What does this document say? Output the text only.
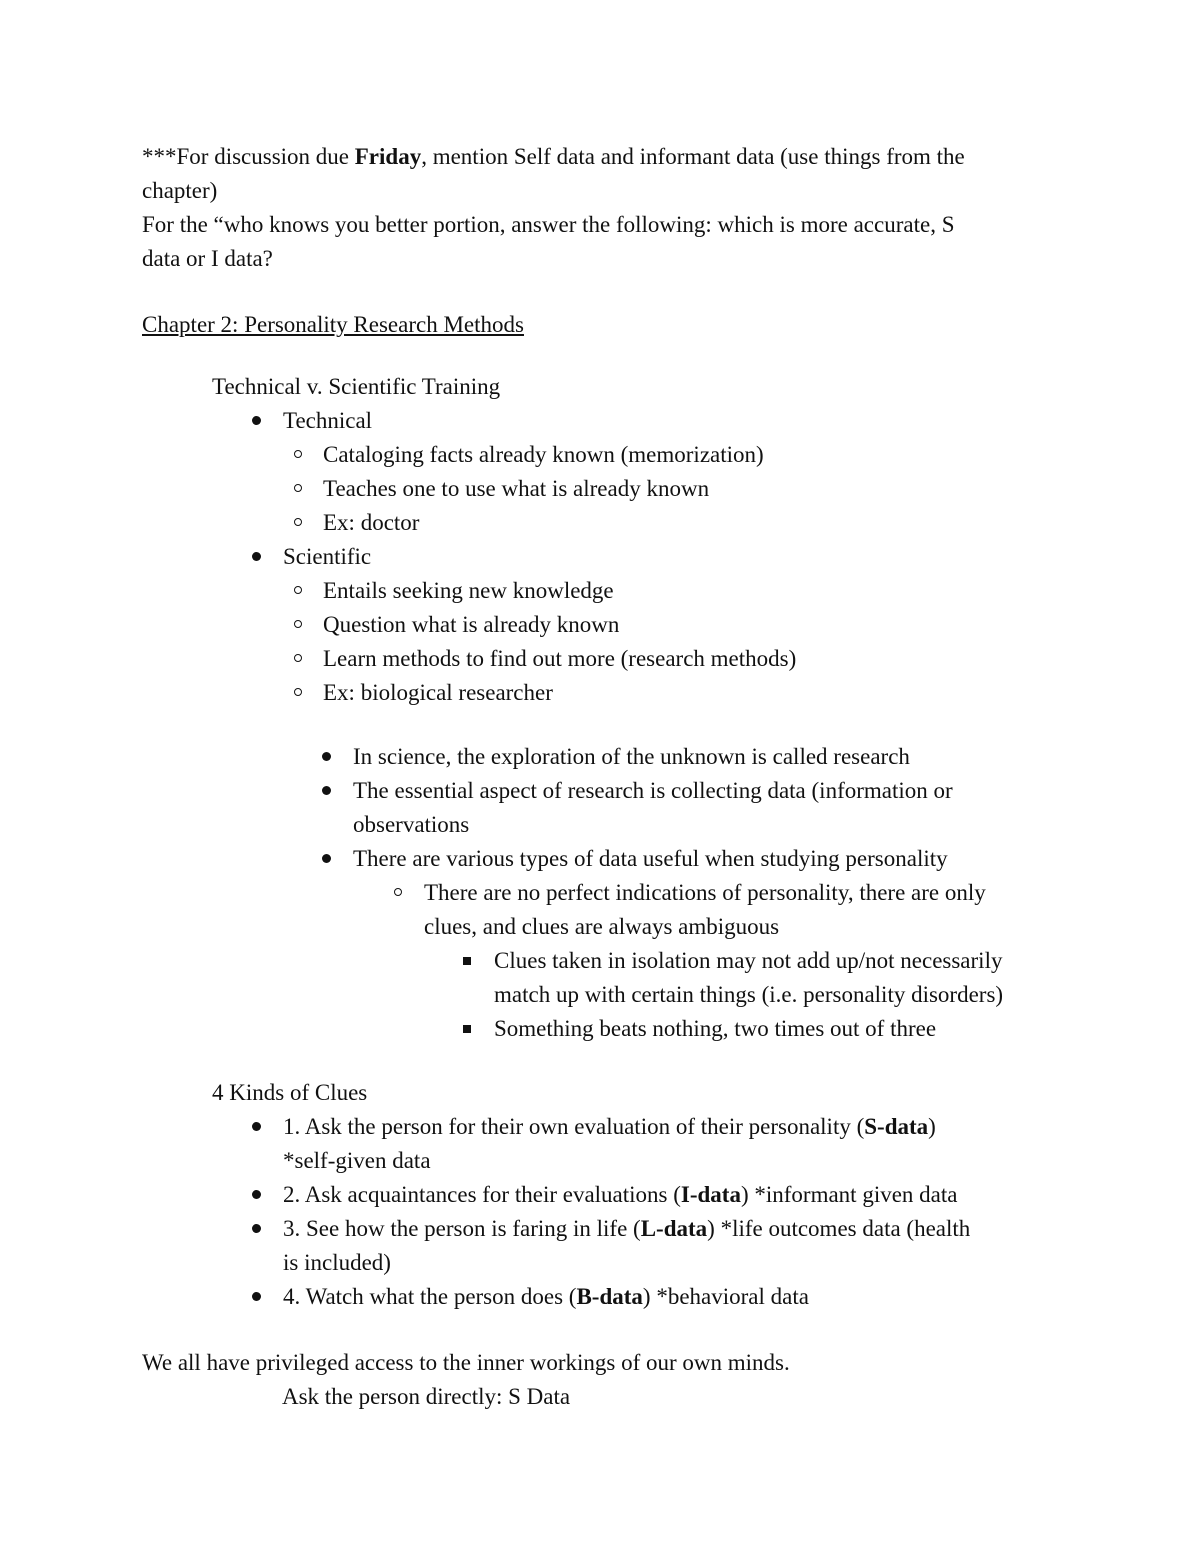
***For discussion due Friday, mention Self data and informant data (use things from the
chapter)
For the “who knows you better portion, answer the following: which is more accurate, S
data or I data?
Chapter 2: Personality Research Methods
Technical v. Scientific Training
Technical
Cataloging facts already known (memorization)
Teaches one to use what is already known
Ex: doctor
Scientific
Entails seeking new knowledge
Question what is already known
Learn methods to find out more (research methods)
Ex: biological researcher
In science, the exploration of the unknown is called research
The essential aspect of research is collecting data (information or
observations
There are various types of data useful when studying personality
There are no perfect indications of personality, there are only
clues, and clues are always ambiguous
Clues taken in isolation may not add up/not necessarily
match up with certain things (i.e. personality disorders)
Something beats nothing, two times out of three
4 Kinds of Clues
1. Ask the person for their own evaluation of their personality (S-data)
*self-given data
2. Ask acquaintances for their evaluations (I-data) *informant given data
3. See how the person is faring in life (L-data) *life outcomes data (health
is included)
4. Watch what the person does (B-data) *behavioral data
We all have privileged access to the inner workings of our own minds.
Ask the person directly: S Data
